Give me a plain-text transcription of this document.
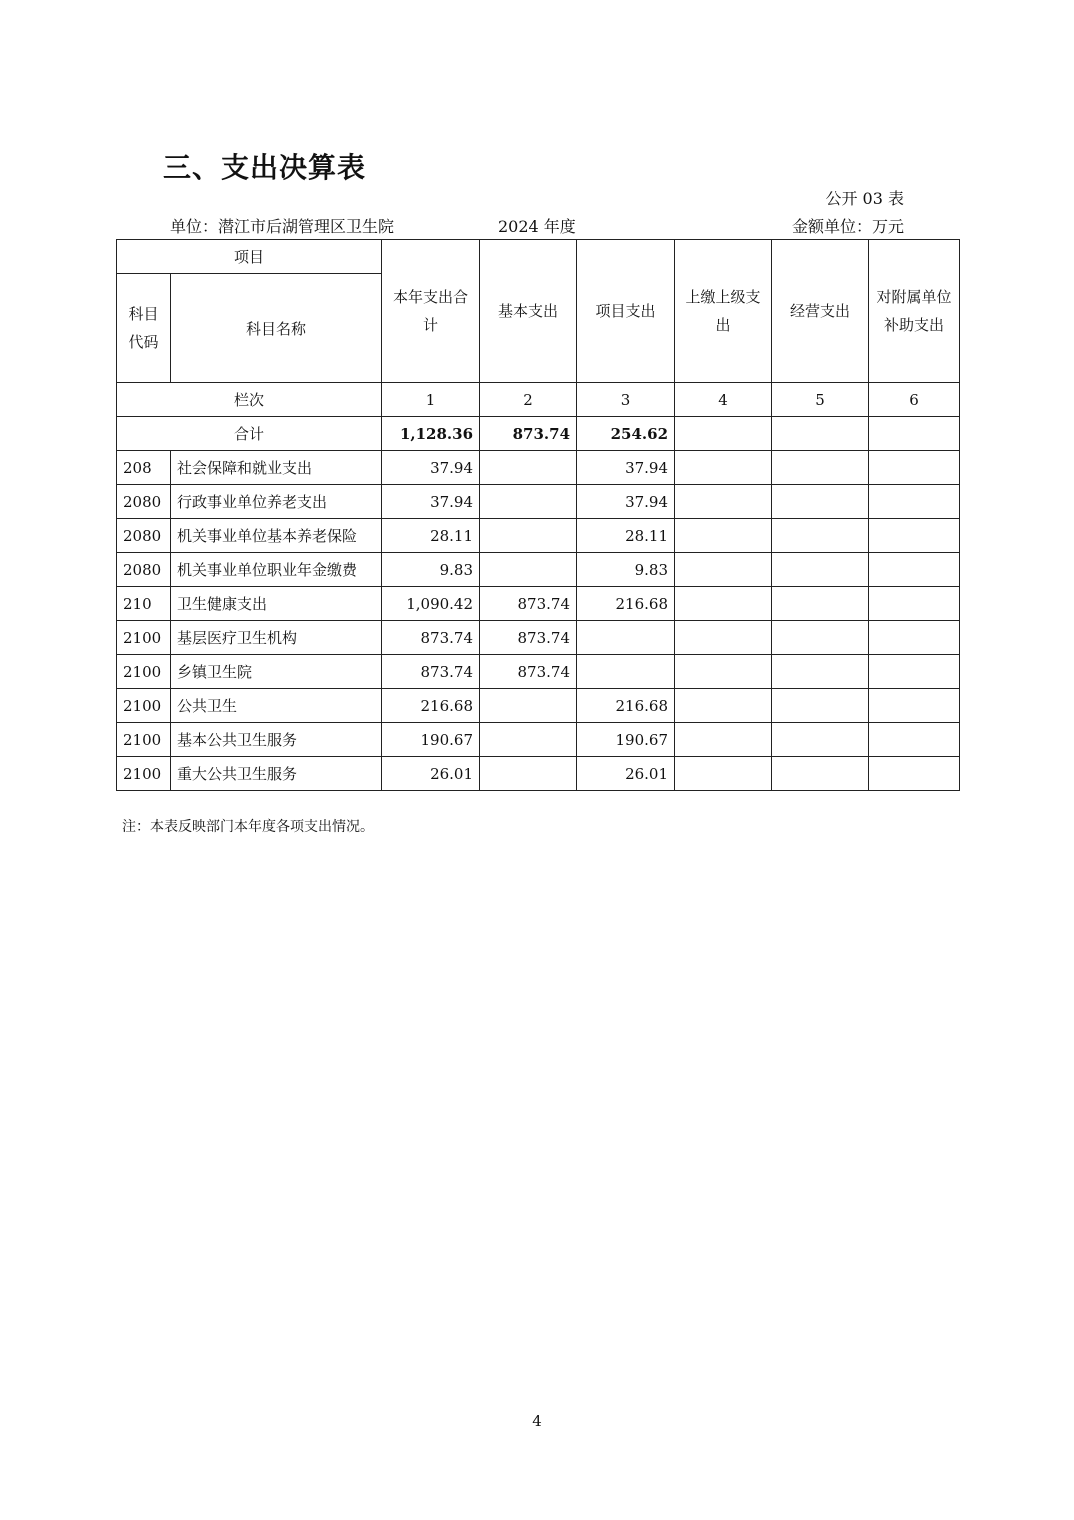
三、支出决算表
公开 03 表
单位：潜江市后湖管理区卫生院	2024 年度	金额单位：万元
项目		本年支出合计	基本支出	项目支出	上缴上级支出	经营支出	对附属单位补助支出
科目代码	科目名称						
栏次		1	2	3	4	5	6
合计		1,128.36	873.74	254.62			
208	社会保障和就业支出	37.94		37.94			
2080	行政事业单位养老支出	37.94		37.94			
2080	机关事业单位基本养老保险	28.11		28.11			
2080	机关事业单位职业年金缴费	9.83		9.83			
210	卫生健康支出	1,090.42	873.74	216.68			
2100	基层医疗卫生机构	873.74	873.74				
2100	乡镇卫生院	873.74	873.74				
2100	公共卫生	216.68		216.68			
2100	基本公共卫生服务	190.67		190.67			
2100	重大公共卫生服务	26.01		26.01			
注：本表反映部门本年度各项支出情况。
4
